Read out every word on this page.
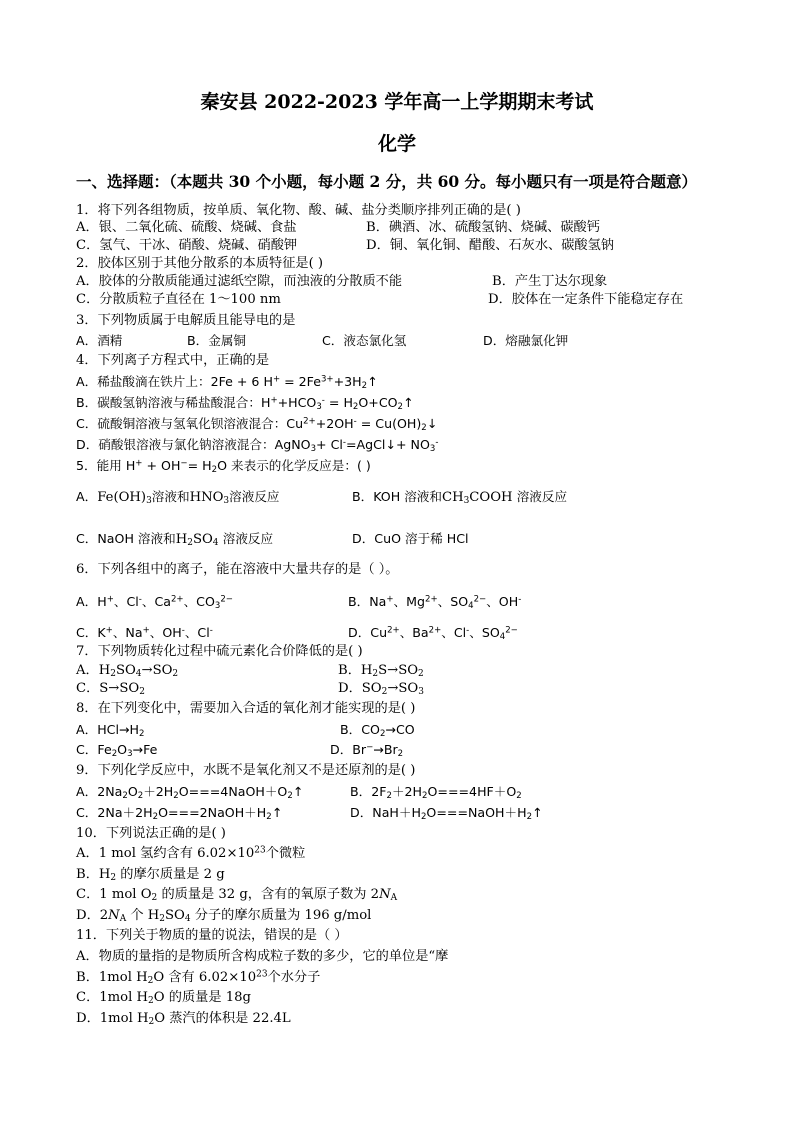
秦安县 2022-2023 学年高一上学期期末考试
化学
一、选择题：（本题共 30 个小题，每小题 2 分，共 60 分。每小题只有一项是符合题意）
1．将下列各组物质，按单质、氧化物、酸、碱、盐分类顺序排列正确的是( )
A．银、二氧化硫、硫酸、烧碱、食盐	B．碘酒、冰、硫酸氢钠、烧碱、碳酸钙
C．氢气、干冰、硝酸、烧碱、硝酸钾	D．铜、氧化铜、醋酸、石灰水、碳酸氢钠
2．胶体区别于其他分散系的本质特征是( )
A．胶体的分散质能通过滤纸空隙，而浊液的分散质不能	B．产生丁达尔现象
C．分散质粒子直径在 1～100 nm	D．胶体在一定条件下能稳定存在
3．下列物质属于电解质且能导电的是
A．酒精	B．金属铜	C．液态氯化氢	D．熔融氯化钾
4．下列离子方程式中，正确的是
A．稀盐酸滴在铁片上：2Fe + 6 $H^+ = 2Fe^{3+}+3H_2↑$
B．碳酸氢钠溶液与稀盐酸混合：$H^++HCO_3^-$ = $H_2O+CO_2↑$
C．硫酸铜溶液与氢氧化钡溶液混合：$Cu^{2+}+2OH^-$ = $Cu(OH)_2↓$
D．硝酸银溶液与氯化钠溶液混合：AgNO$_3$+ Cl-=AgCl↓+ $NO_3^-$
5．能用 $H^+ + OH^-= H_2O$ 来表示的化学反应是：( )
A．$Fe(OH)_3$溶液和$HNO_3$溶液反应	B．KOH 溶液和$CH_3COOH$ 溶液反应
C．NaOH 溶液和$H_2SO_4$ 溶液反应	D．CuO 溶于稀 HCl
6．下列各组中的离子，能在溶液中大量共存的是（ ）。
A．H+、Cl-、$Ca^{2+}$、$CO_3^{2-}$	B．Na+、$Mg^{2+}$、$SO_4^{2-}$、OH-
C．K+、Na+、OH-、Cl-	D．$Cu^{2+}$、$Ba^{2+}$、Cl-、$SO_4^{2-}$
7．下列物质转化过程中硫元素化合价降低的是( )
A．$H_2SO_4\to SO_2$	B．$H_2S\to SO_2$
C．$S\to SO_2$	D．$SO_2\to SO_3$
8．在下列变化中，需要加入合适的氧化剂才能实现的是( )
A．$HCl\to H_2$	B．$CO_2\to CO$
C．$Fe_2O_3\to Fe$	D．$Br^-\to Br_2$
9．下列化学反应中，水既不是氧化剂又不是还原剂的是( )
A．$2Na_2O_2+2H_2O===4NaOH+O_2↑$	B．$2F_2+2H_2O===4HF+O_2$
C．$2Na+2H_2O===2NaOH+H_2↑$	D．$NaH+H_2O===NaOH+H_2↑$
10．下列说法正确的是( )
A．1 mol 氢约含有 $6.02\times 10^{23}$个微粒
B．$H_2$ 的摩尔质量是 2 g
C．1 mol $O_2$ 的质量是 32 g，含有的氧原子数为 $2N_A$
D．$2N_A$ 个 $H_2SO_4$ 分子的摩尔质量为 196 g/mol
11．下列关于物质的量的说法，错误的是（ ）
A．物质的量指的是物质所含构成粒子数的多少，它的单位是“摩
B．1mol $H_2O$ 含有 $6.02\times 10^{23}$个水分子
C．1mol $H_2O$ 的质量是 18g
D．1mol $H_2O$ 蒸汽的体积是 22.4L
